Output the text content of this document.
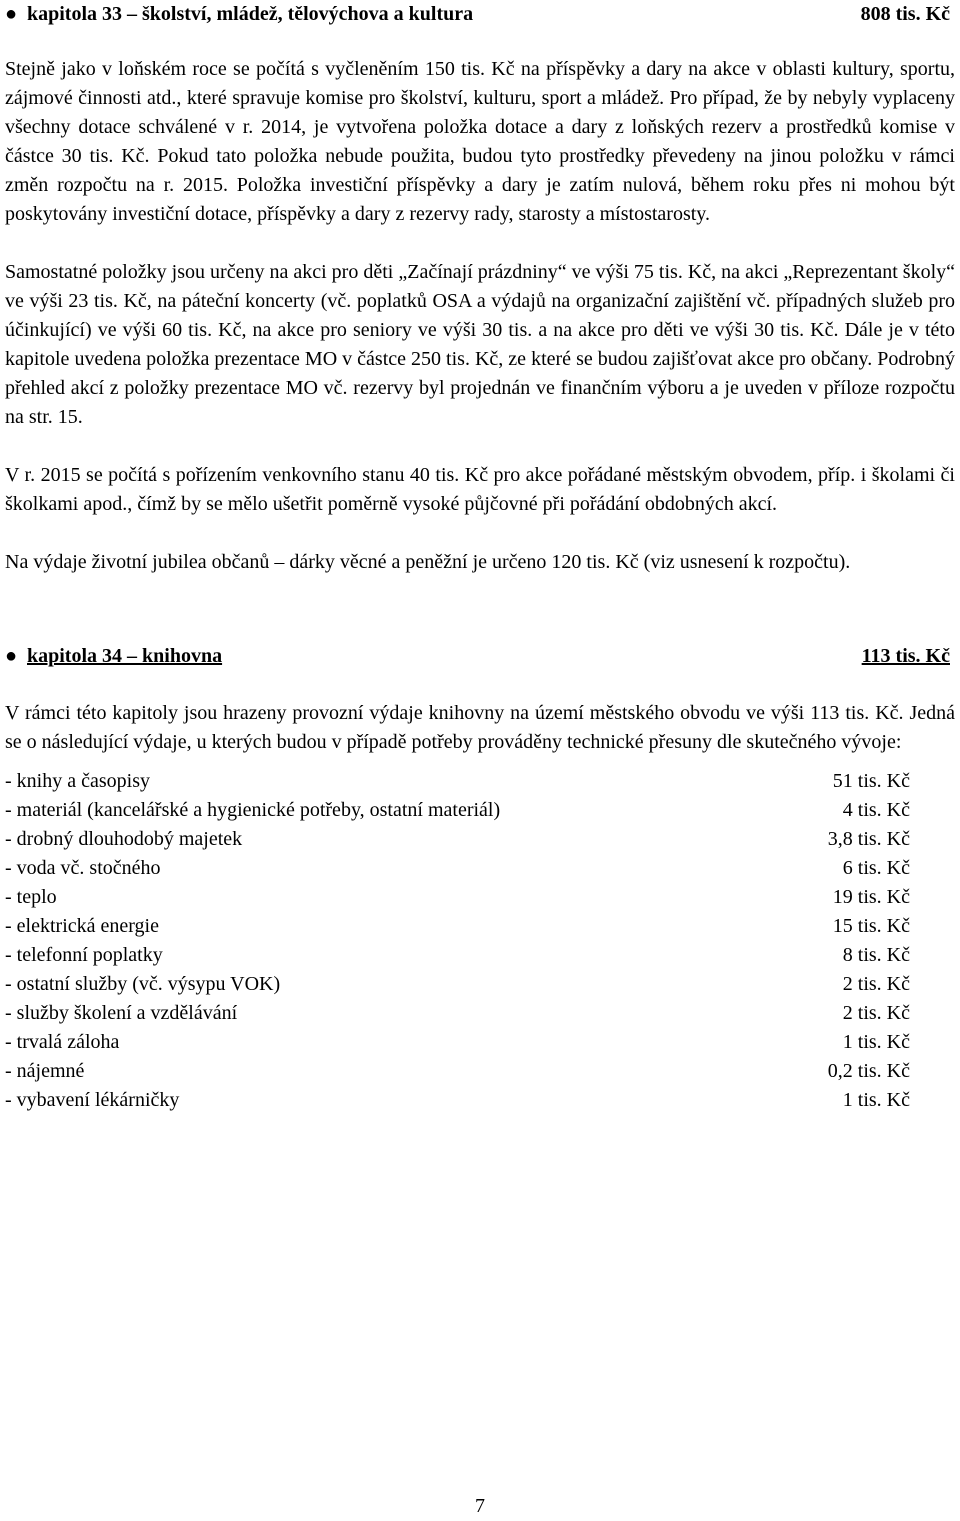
● kapitola 33 – školství, mládež, tělovýchova a kultura	808 tis. Kč

Stejně jako v loňském roce se počítá s vyčleněním 150 tis. Kč na příspěvky a dary na akce v oblasti kultury, sportu, zájmové činnosti atd., které spravuje komise pro školství, kulturu, sport a mládež. Pro případ, že by nebyly vyplaceny všechny dotace schválené v r. 2014, je vytvořena položka dotace a dary z loňských rezerv a prostředků komise v částce 30 tis. Kč. Pokud tato položka nebude použita, budou tyto prostředky převedeny na jinou položku v rámci změn rozpočtu na r. 2015. Položka investiční příspěvky a dary je zatím nulová, během roku přes ni mohou být poskytovány investiční dotace, příspěvky a dary z rezervy rady, starosty a místostarosty.

Samostatné položky jsou určeny na akci pro děti „Začínají prázdniny“ ve výši 75 tis. Kč, na akci „Reprezentant školy“ ve výši 23 tis. Kč, na páteční koncerty (vč. poplatků OSA a výdajů na organizační zajištění vč. případných služeb pro účinkující) ve výši 60 tis. Kč, na akce pro seniory ve výši 30 tis. a na akce pro děti ve výši 30 tis. Kč. Dále je v této kapitole uvedena položka prezentace MO v částce 250 tis. Kč, ze které se budou zajišťovat akce pro občany. Podrobný přehled akcí z položky prezentace MO vč. rezervy byl projednán ve finančním výboru a je uveden v příloze rozpočtu na str. 15.

V r. 2015 se počítá s pořízením venkovního stanu 40 tis. Kč pro akce pořádané městským obvodem, příp. i školami či školkami apod., čímž by se mělo ušetřit poměrně vysoké půjčovné při pořádání obdobných akcí.

Na výdaje životní jubilea občanů – dárky věcné a peněžní je určeno 120 tis. Kč (viz usnesení k rozpočtu).

● kapitola 34 – knihovna	113 tis. Kč

V rámci této kapitoly jsou hrazeny provozní výdaje knihovny na území městského obvodu ve výši 113 tis. Kč. Jedná se o následující výdaje, u kterých budou v případě potřeby prováděny technické přesuny dle skutečného vývoje:

- knihy a časopisy	51 tis. Kč
- materiál (kancelářské a hygienické potřeby, ostatní materiál)	4 tis. Kč
- drobný dlouhodobý majetek	3,8 tis. Kč
- voda vč. stočného	6 tis. Kč
- teplo	19 tis. Kč
- elektrická energie	15 tis. Kč
- telefonní poplatky	8 tis. Kč
- ostatní služby (vč. výsypu VOK)	2 tis. Kč
- služby školení a vzdělávání	2 tis. Kč
- trvalá záloha	1 tis. Kč
- nájemné	0,2 tis. Kč
- vybavení lékárničky	1 tis. Kč
7
